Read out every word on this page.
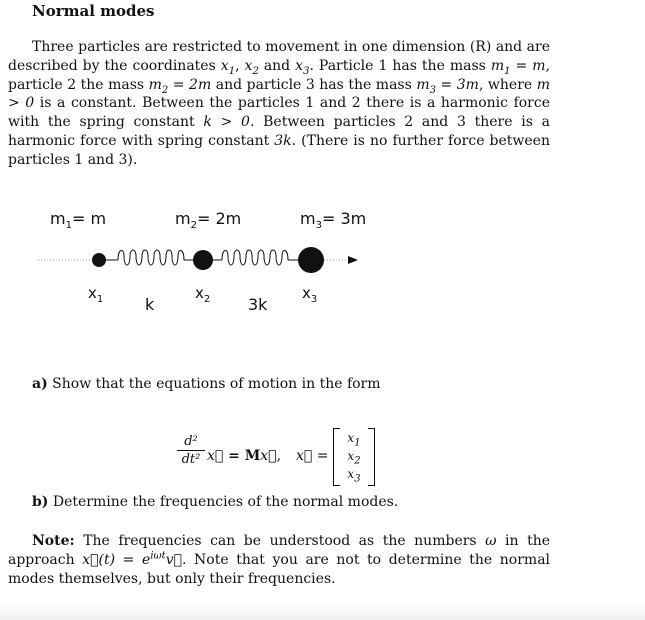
Normal modes
Three particles are restricted to movement in one dimension (R) and are described by the coordinates $x_1$, $x_2$ and $x_3$. Particle 1 has the mass $m_1 = m$, particle 2 the mass $m_2 = 2m$ and particle 3 has the mass $m_3 = 3m$, where m > 0 is a constant. Between the particles 1 and 2 there is a harmonic force with the spring constant k > 0. Between particles 2 and 3 there is a harmonic force with spring constant 3k. (There is no further force between particles 1 and 3).
$m_1= m$	$m_2= 2m$	$m_3= 3m$
$x_1$	$x_2$	$x_3$
k	3k
a) Show that the equations of motion in the form
$\frac{\text{d²}}{\text{dt²}}$ x⃗ = Mx⃗, x⃗ =
$x_1$
$x_2$
$x_3$
b) Determine the frequencies of the normal modes.
Note: The frequencies can be understood as the numbers ω in the approach x⃗(t) = $e^{i\omega t}v⃗$. Note that you are not to determine the normal modes themselves, but only their frequencies.
